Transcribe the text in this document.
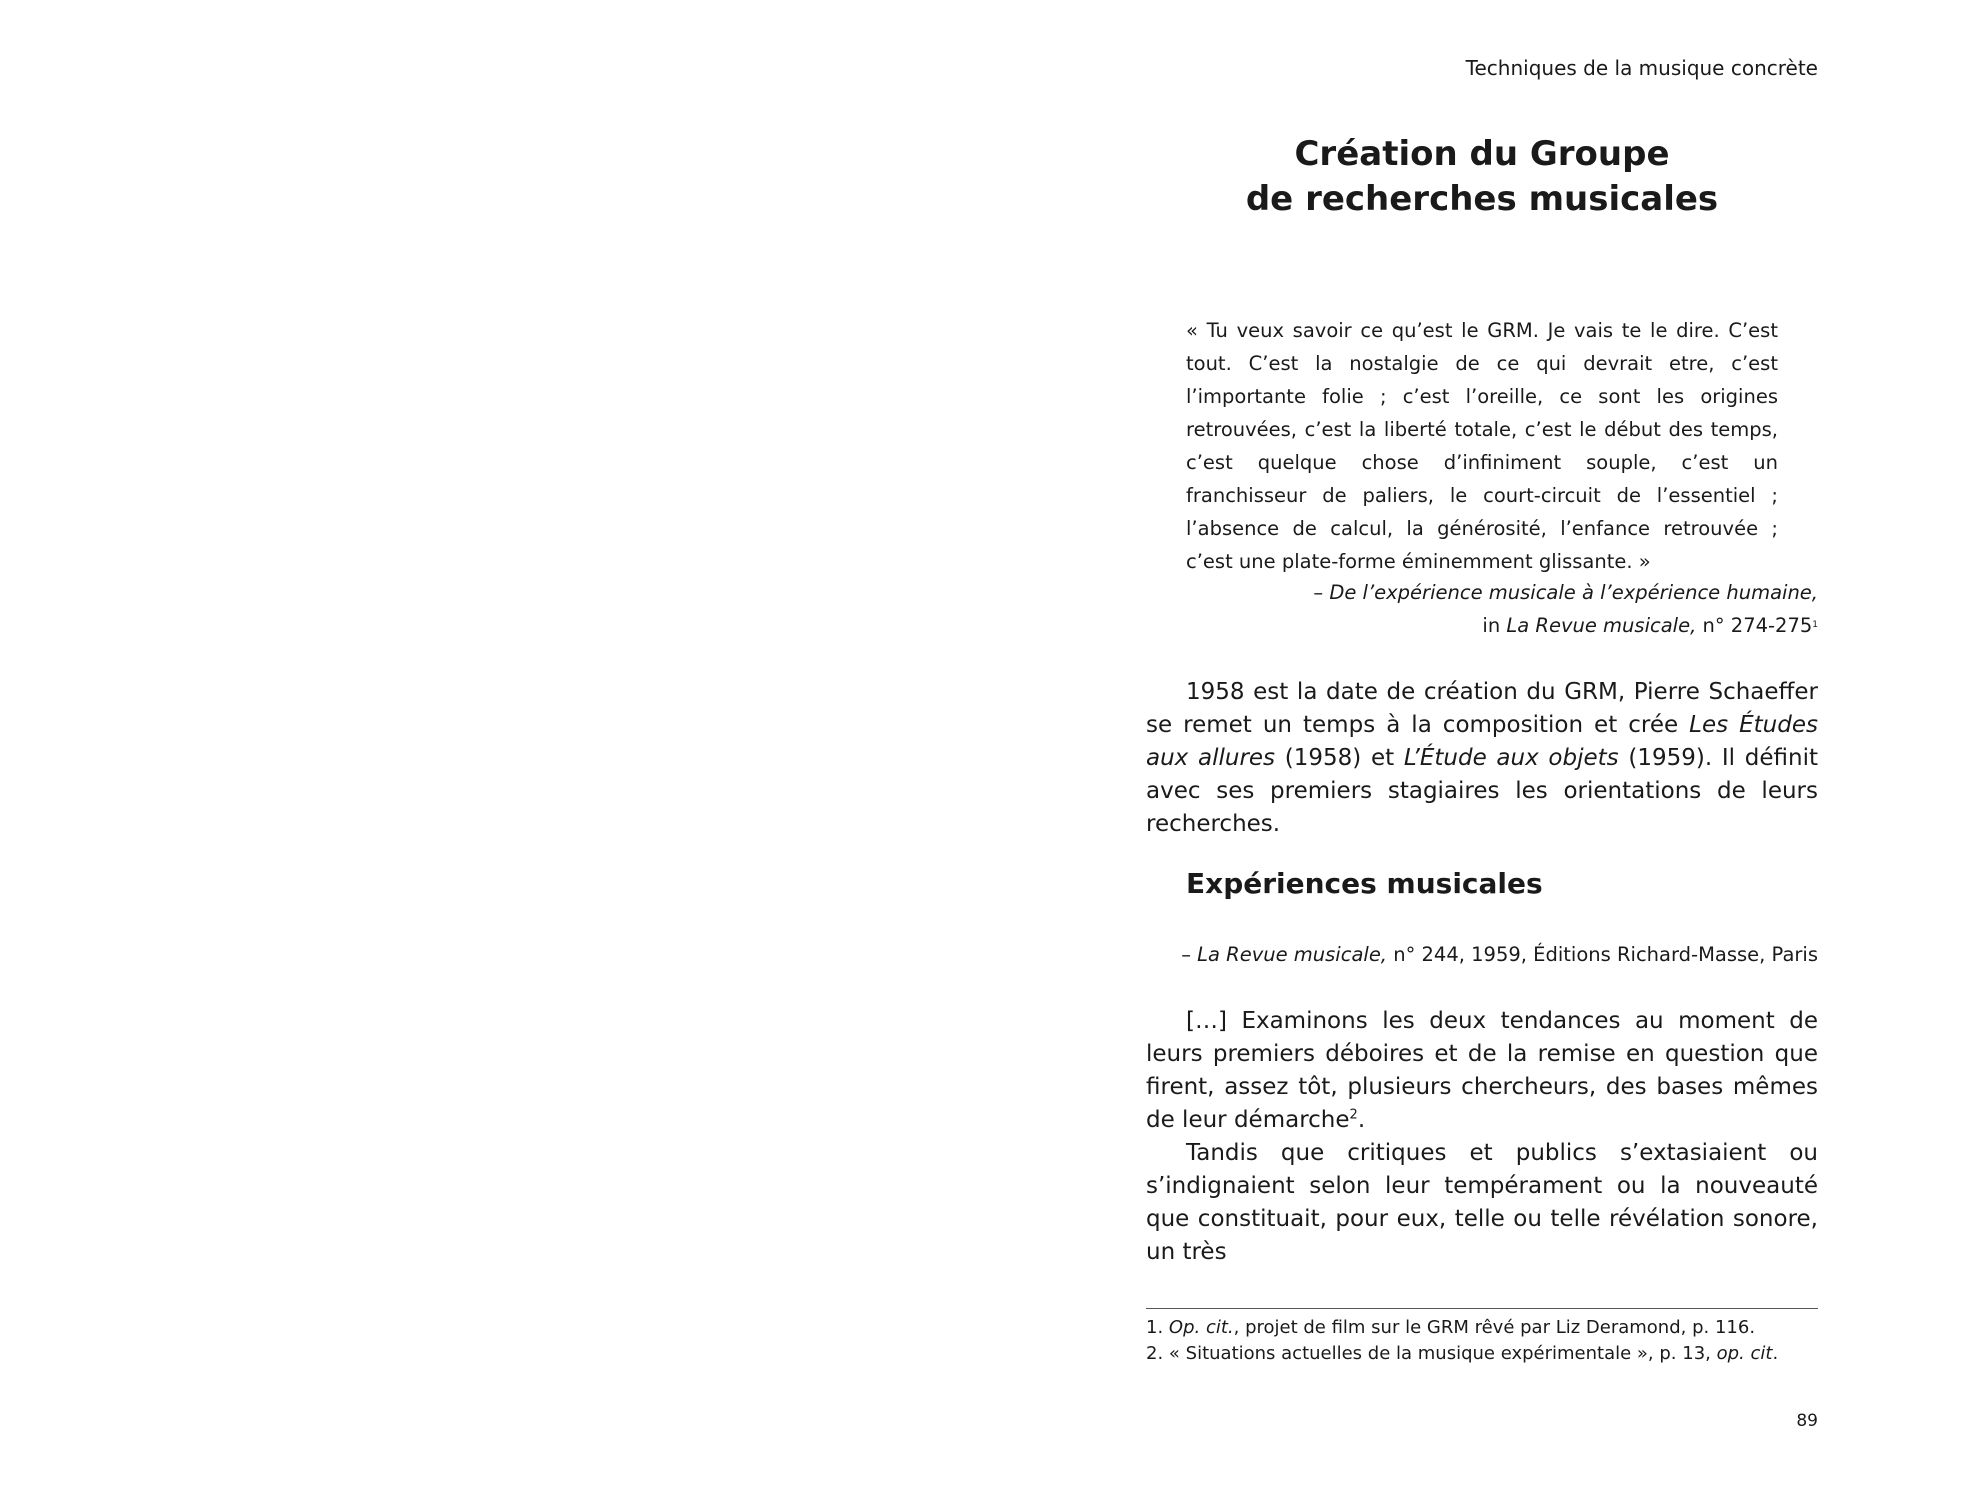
Techniques de la musique concrète
Création du Groupe
de recherches musicales

« Tu veux savoir ce qu’est le GRM. Je vais te le dire. C’est tout. C’est la nostalgie de ce qui devrait etre, c’est l’importante folie ; c’est l’oreille, ce sont les origines retrouvées, c’est la liberté totale, c’est le début des temps, c’est quelque chose d’infiniment souple, c’est un franchisseur de paliers, le court-circuit de l’essentiel ; l’absence de calcul, la générosité, l’enfance retrouvée ; c’est une plate-forme éminemment glissante. »

– De l’expérience musicale à l’expérience humaine,
in La Revue musicale, n° $274-275^1$

1958 est la date de création du GRM, Pierre Schaeffer se remet un temps à la composition et crée Les Études aux allures (1958) et L’Étude aux objets (1959). Il définit avec ses premiers stagiaires les orientations de leurs recherches.

Expériences musicales
– La Revue musicale, n° 244, 1959, Éditions Richard-Masse, Paris

[…] Examinons les deux tendances au moment de leurs premiers déboires et de la remise en question que firent, assez tôt, plusieurs chercheurs, des bases mêmes de leur démarche$^2$.

Tandis que critiques et publics s’extasiaient ou s’indignaient selon leur tempérament ou la nouveauté que constituait, pour eux, telle ou telle révélation sonore, un très

1. Op. cit., projet de film sur le GRM rêvé par Liz Deramond, p. 116.
2. « Situations actuelles de la musique expérimentale », p. 13, op. cit.
89
